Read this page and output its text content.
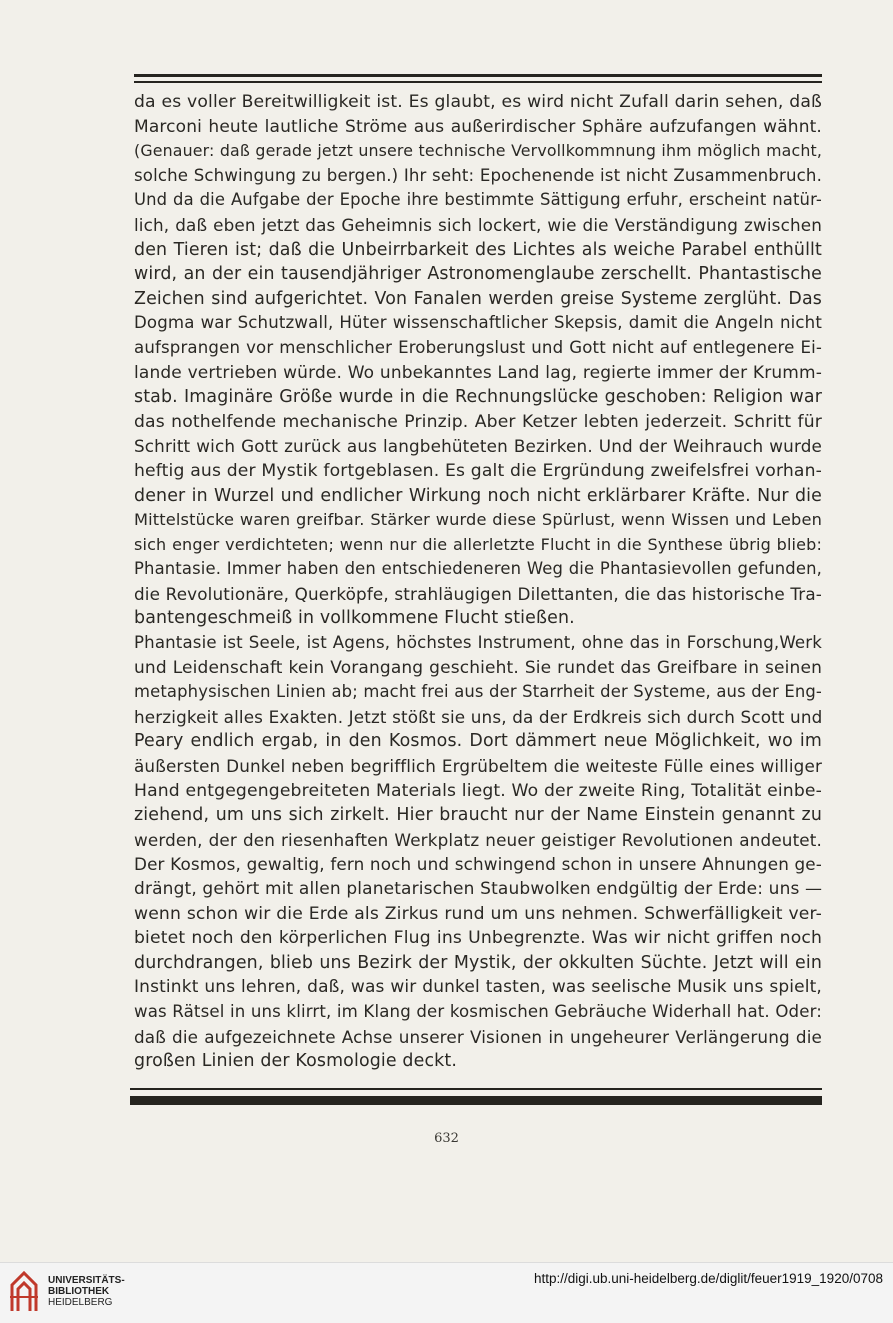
da es voller Bereitwilligkeit ist. Es glaubt, es wird nicht Zufall darin sehen, daß
Marconi heute lautliche Ströme aus außerirdischer Sphäre aufzufangen wähnt.
(Genauer: daß gerade jetzt unsere technische Vervollkommnung ihm möglich macht,
solche Schwingung zu bergen.) Ihr seht: Epochenende ist nicht Zusammenbruch.
Und da die Aufgabe der Epoche ihre bestimmte Sättigung erfuhr, erscheint natür-
lich, daß eben jetzt das Geheimnis sich lockert, wie die Verständigung zwischen
den Tieren ist; daß die Unbeirrbarkeit des Lichtes als weiche Parabel enthüllt
wird, an der ein tausendjähriger Astronomenglaube zerschellt. Phantastische
Zeichen sind aufgerichtet. Von Fanalen werden greise Systeme zerglüht. Das
Dogma war Schutzwall, Hüter wissenschaftlicher Skepsis, damit die Angeln nicht
aufsprangen vor menschlicher Eroberungslust und Gott nicht auf entlegenere Ei-
lande vertrieben würde. Wo unbekanntes Land lag, regierte immer der Krumm-
stab. Imaginäre Größe wurde in die Rechnungslücke geschoben: Religion war
das nothelfende mechanische Prinzip. Aber Ketzer lebten jederzeit. Schritt für
Schritt wich Gott zurück aus langbehüteten Bezirken. Und der Weihrauch wurde
heftig aus der Mystik fortgeblasen. Es galt die Ergründung zweifelsfrei vorhan-
dener in Wurzel und endlicher Wirkung noch nicht erklärbarer Kräfte. Nur die
Mittelstücke waren greifbar. Stärker wurde diese Spürlust, wenn Wissen und Leben
sich enger verdichteten; wenn nur die allerletzte Flucht in die Synthese übrig blieb:
Phantasie. Immer haben den entschiedeneren Weg die Phantasievollen gefunden,
die Revolutionäre, Querköpfe, strahläugigen Dilettanten, die das historische Tra-
bantengeschmeiß in vollkommene Flucht stießen.
Phantasie ist Seele, ist Agens, höchstes Instrument, ohne das in Forschung,Werk
und Leidenschaft kein Vorangang geschieht. Sie rundet das Greifbare in seinen
metaphysischen Linien ab; macht frei aus der Starrheit der Systeme, aus der Eng-
herzigkeit alles Exakten. Jetzt stößt sie uns, da der Erdkreis sich durch Scott und
Peary endlich ergab, in den Kosmos. Dort dämmert neue Möglichkeit, wo im
äußersten Dunkel neben begrifflich Ergrübeltem die weiteste Fülle eines williger
Hand entgegengebreiteten Materials liegt. Wo der zweite Ring, Totalität einbe-
ziehend, um uns sich zirkelt. Hier braucht nur der Name Einstein genannt zu
werden, der den riesenhaften Werkplatz neuer geistiger Revolutionen andeutet.
Der Kosmos, gewaltig, fern noch und schwingend schon in unsere Ahnungen ge-
drängt, gehört mit allen planetarischen Staubwolken endgültig der Erde: uns —
wenn schon wir die Erde als Zirkus rund um uns nehmen. Schwerfälligkeit ver-
bietet noch den körperlichen Flug ins Unbegrenzte. Was wir nicht griffen noch
durchdrangen, blieb uns Bezirk der Mystik, der okkulten Süchte. Jetzt will ein
Instinkt uns lehren, daß, was wir dunkel tasten, was seelische Musik uns spielt,
was Rätsel in uns klirrt, im Klang der kosmischen Gebräuche Widerhall hat. Oder:
daß die aufgezeichnete Achse unserer Visionen in ungeheurer Verlängerung die
großen Linien der Kosmologie deckt.
632
UNIVERSITÄTS-
BIBLIOTHEK
HEIDELBERG
http://digi.ub.uni-heidelberg.de/diglit/feuer1919_1920/0708
